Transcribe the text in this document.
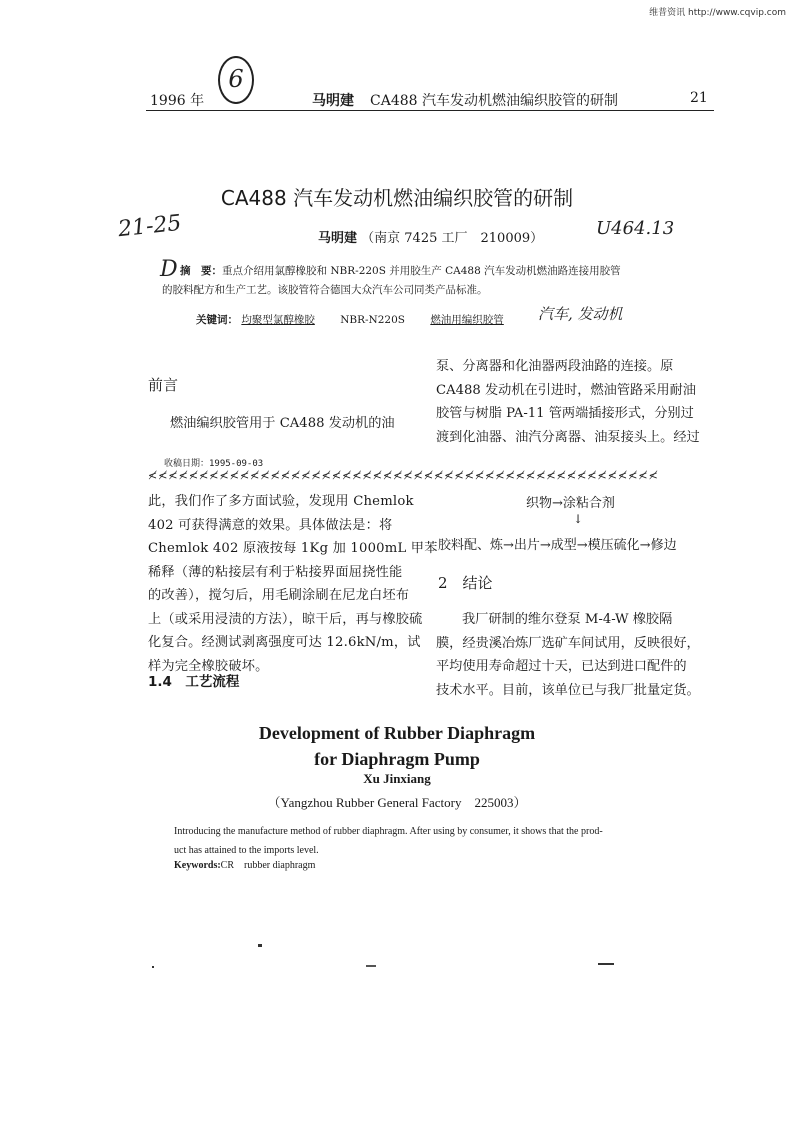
维普资讯 http://www.cqvip.com
6
21-25	U464.13
D
汽车, 发动机
1996 年	马明建 CA488 汽车发动机燃油编织胶管的研制	21
CA488 汽车发动机燃油编织胶管的研制
马明建 （南京 7425 工厂　210009）
摘　要：重点介绍用氯醇橡胶和 NBR-220S 并用胶生产 CA488 汽车发动机燃油路连接用胶管
的胶料配方和生产工艺。该胶管符合德国大众汽车公司同类产品标准。
关键词： 均聚型氯醇橡胶 NBR-N220S 燃油用编织胶管
前言
燃油编织胶管用于 CA488 发动机的油
泵、分离器和化油器两段油路的连接。原
CA488 发动机在引进时，燃油管路采用耐油
胶管与树脂 PA-11 管两端插接形式，分别过
渡到化油器、油汽分离器、油泵接头上。经过
收稿日期：1995-09-03
≮≮≮≮≮≮≮≮≮≮≮≮≮≮≮≮≮≮≮≮≮≮≮≮≮≮≮≮≮≮≮≮≮≮≮≮≮≮≮≮≮≮≮≮≮≮≮≮≮≮
此，我们作了多方面试验，发现用 Chemlok
402 可获得满意的效果。具体做法是：将
Chemlok 402 原液按每 1Kg 加 1000mL 甲苯
稀释（薄的粘接层有利于粘接界面屈挠性能
的改善），搅匀后，用毛刷涂刷在尼龙白坯布
上（或采用浸渍的方法），晾干后，再与橡胶硫
化复合。经测试剥离强度可达 12.6kN/m，试
样为完全橡胶破坏。
1.4　工艺流程
织物→涂粘合剂
↓
胶料配、炼→出片→成型→模压硫化→修边
2　结论
我厂研制的维尔登泵 M-4-W 橡胶隔
膜，经贵溪冶炼厂选矿车间试用，反映很好，
平均使用寿命超过十天，已达到进口配件的
技术水平。目前，该单位已与我厂批量定货。
Development of Rubber Diaphragm
for Diaphragm Pump
Xu Jinxiang
（Yangzhou Rubber General Factory　225003）
Introducing the manufacture method of rubber diaphragm. After using by consumer, it shows that the prod-
uct has attained to the imports level.
Keywords:CR　rubber diaphragm
